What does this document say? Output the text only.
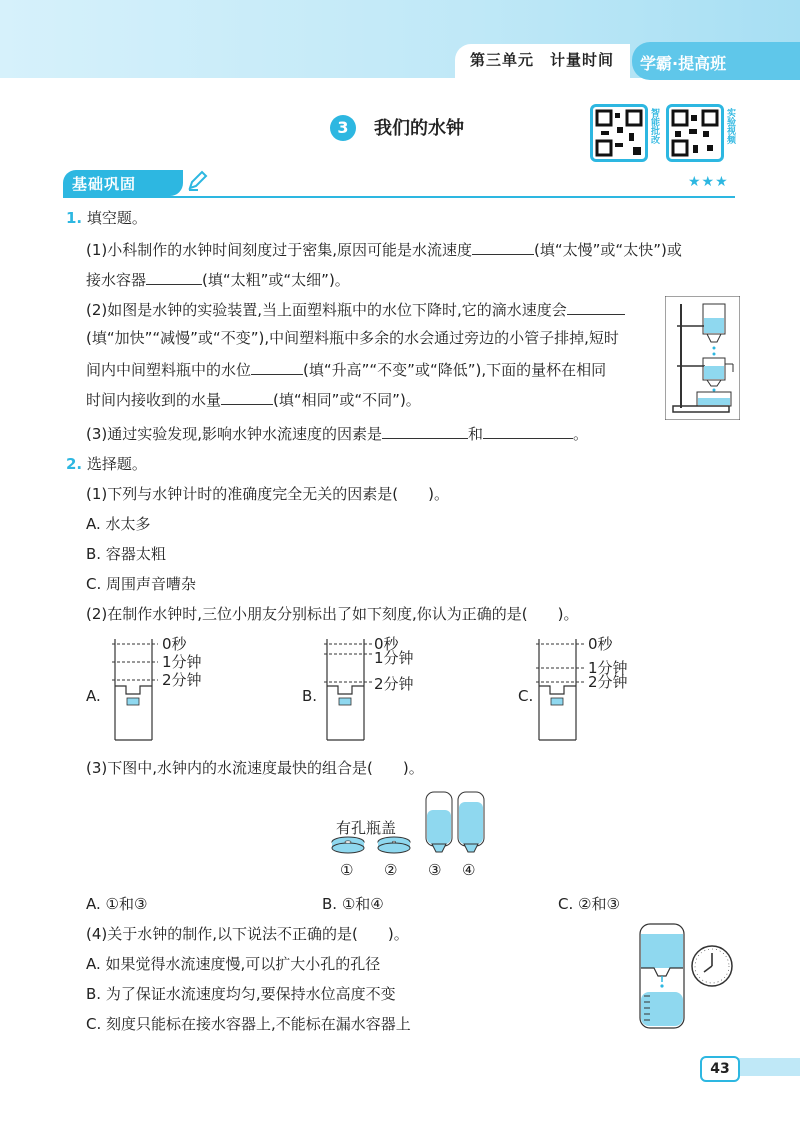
第三单元　计量时间 学霸·提高班
3	我们的水钟	智能批改	实验视频
基础巩固	★★★
1. 填空题。
(1)小科制作的水钟时间刻度过于密集,原因可能是水流速度	(填“太慢”或“太快”)或
接水容器	(填“太粗”或“太细”)。
(2)如图是水钟的实验装置,当上面塑料瓶中的水位下降时,它的滴水速度会
(填“加快”“减慢”或“不变”),中间塑料瓶中多余的水会通过旁边的小管子排掉,短时
间内中间塑料瓶中的水位	(填“升高”“不变”或“降低”),下面的量杯在相同
时间内接收到的水量	(填“相同”或“不同”)。
(3)通过实验发现,影响水钟水流速度的因素是	和	。
2. 选择题。
(1)下列与水钟计时的准确度完全无关的因素是(　　)。
A. 水太多
B. 容器太粗
C. 周围声音嘈杂
(2)在制作水钟时,三位小朋友分别标出了如下刻度,你认为正确的是(　　)。
A.
0秒
1分钟
2分钟
B.
0秒
1分钟
2分钟
C.
0秒
1分钟
2分钟
(3)下图中,水钟内的水流速度最快的组合是(　　)。
有孔瓶盖
① ② ③ ④
A. ①和③	B. ①和④	C. ②和③
(4)关于水钟的制作,以下说法不正确的是(　　)。
A. 如果觉得水流速度慢,可以扩大小孔的孔径
B. 为了保证水流速度均匀,要保持水位高度不变
C. 刻度只能标在接水容器上,不能标在漏水容器上
43
